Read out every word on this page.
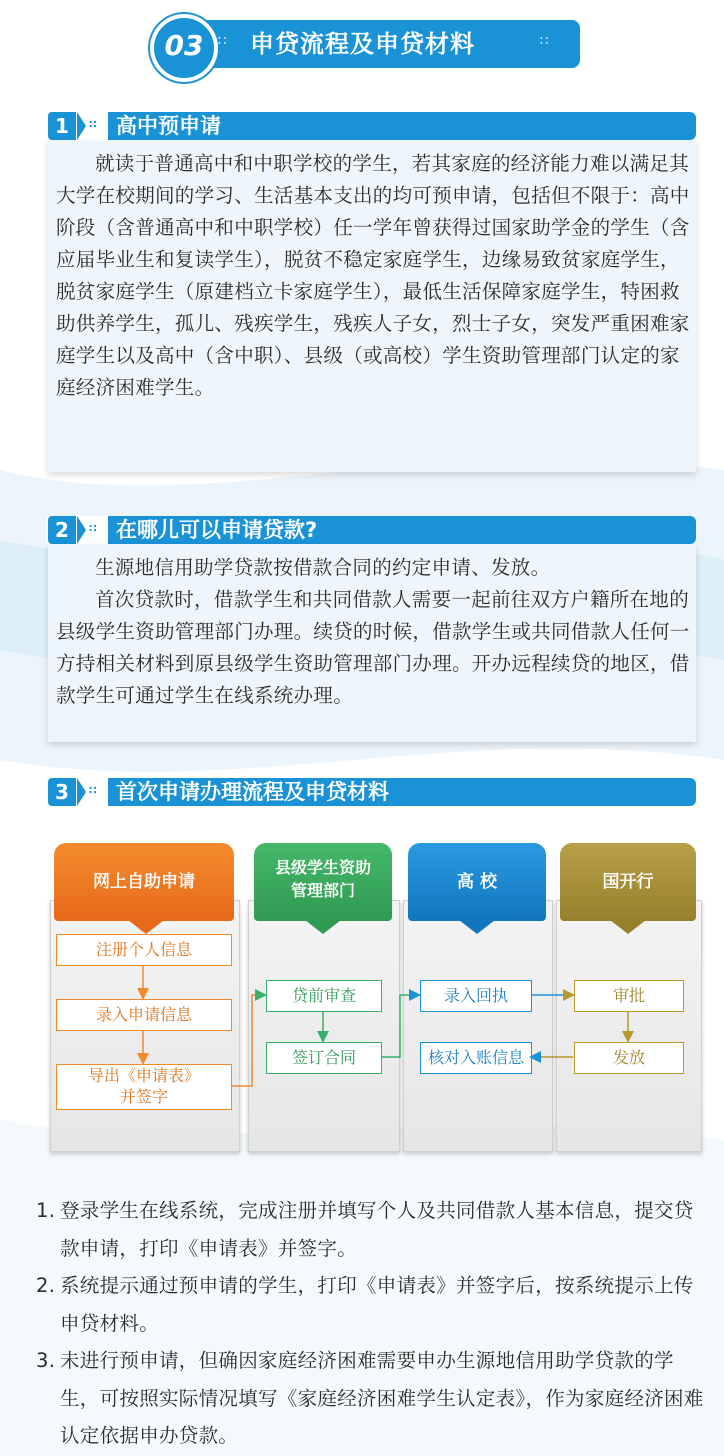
03	∷ 申贷流程及申贷材料	∷
1	∷ 高中预申请

就读于普通高中和中职学校的学生，若其家庭的经济能力难以满足其大学在校期间的学习、生活基本支出的均可预申请，包括但不限于：高中阶段（含普通高中和中职学校）任一学年曾获得过国家助学金的学生（含应届毕业生和复读学生），脱贫不稳定家庭学生，边缘易致贫家庭学生，脱贫家庭学生（原建档立卡家庭学生），最低生活保障家庭学生，特困救助供养学生，孤儿、残疾学生，残疾人子女，烈士子女，突发严重困难家庭学生以及高中（含中职）、县级（或高校）学生资助管理部门认定的家庭经济困难学生。

2	∷ 在哪儿可以申请贷款?

生源地信用助学贷款按借款合同的约定申请、发放。

首次贷款时，借款学生和共同借款人需要一起前往双方户籍所在地的县级学生资助管理部门办理。续贷的时候，借款学生或共同借款人任何一方持相关材料到原县级学生资助管理部门办理。开办远程续贷的地区，借款学生可通过学生在线系统办理。

3	∷ 首次申请办理流程及申贷材料
网上自助申请
县级学生资助
管理部门	高 校	国开行
注册个人信息
录入申请信息
导出《申请表》
并签字
贷前审查
签订合同
录入回执
核对入账信息
审批
发放
1. 登录学生在线系统，完成注册并填写个人及共同借款人基本信息，提交贷款申请，打印《申请表》并签字。
2. 系统提示通过预申请的学生，打印《申请表》并签字后，按系统提示上传申贷材料。
3. 未进行预申请，但确因家庭经济困难需要申办生源地信用助学贷款的学生，可按照实际情况填写《家庭经济困难学生认定表》，作为家庭经济困难认定依据申办贷款。
